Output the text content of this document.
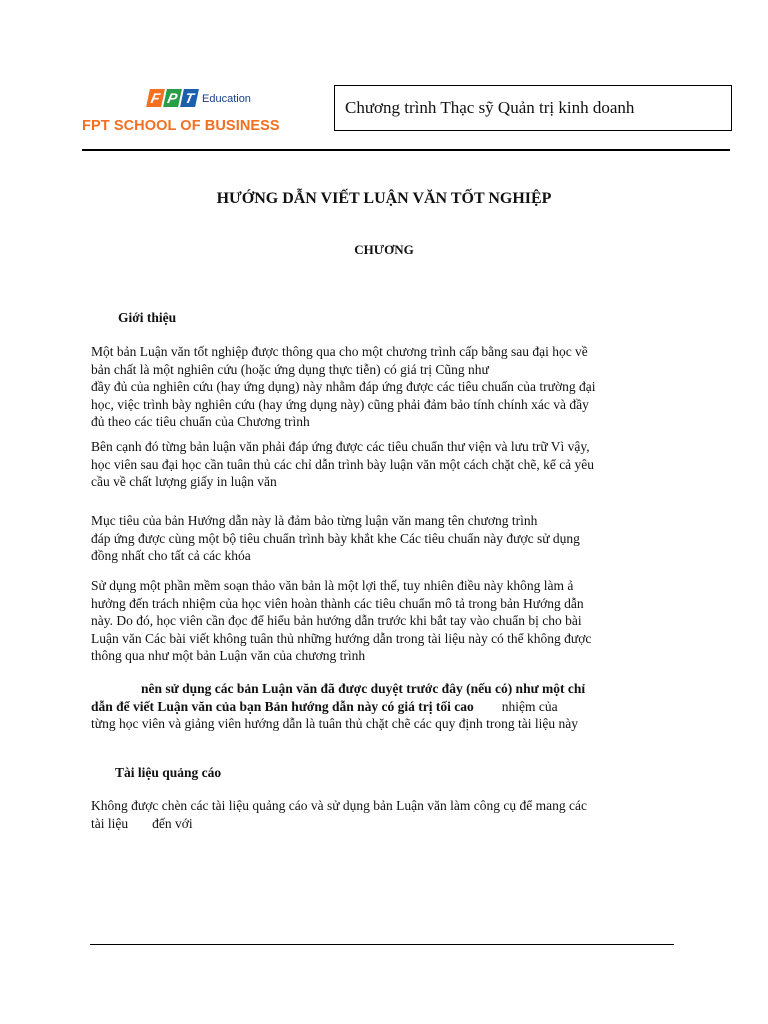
F P T Education
FPT SCHOOL OF BUSINESS
Chương trình Thạc sỹ Quản trị kinh doanh
HƯỚNG DẪN VIẾT LUẬN VĂN TỐT NGHIỆP
CHƯƠNG
Giới thiệu

Một bản Luận văn tốt nghiệp được thông qua cho một chương trình cấp bằng sau đại học về

bản chất là một nghiên cứu (hoặc ứng dụng thực tiễn) có giá trị Cũng như

đầy đủ của nghiên cứu (hay ứng dụng) này nhằm đáp ứng được các tiêu chuẩn của trường đại

học, việc trình bày nghiên cứu (hay ứng dụng này) cũng phải đảm bảo tính chính xác và đầy

đủ theo các tiêu chuẩn của Chương trình

Bên cạnh đó từng bản luận văn phải đáp ứng được các tiêu chuẩn thư viện và lưu trữ Vì vậy,

học viên sau đại học cần tuân thủ các chỉ dẫn trình bày luận văn một cách chặt chẽ, kể cả yêu

cầu về chất lượng giấy in luận văn

Mục tiêu của bản Hướng dẫn này là đảm bảo từng luận văn mang tên chương trình

đáp ứng được cùng một bộ tiêu chuẩn trình bày khắt khe Các tiêu chuẩn này được sử dụng

đồng nhất cho tất cả các khóa

Sử dụng một phần mềm soạn thảo văn bản là một lợi thế, tuy nhiên điều này không làm ả

hưởng đến trách nhiệm của học viên hoàn thành các tiêu chuẩn mô tả trong bản Hướng dẫn

này. Do đó, học viên cần đọc để hiểu bản hướng dẫn trước khi bắt tay vào chuẩn bị cho bài

Luận văn Các bài viết không tuân thủ những hướng dẫn trong tài liệu này có thể không được

thông qua như một bản Luận văn của chương trình

nên sử dụng các bản Luận văn đã được duyệt trước đây (nếu có) như một chỉ

dẫn để viết Luận văn của bạn Bản hướng dẫn này có giá trị tối cao nhiệm của

từng học viên và giảng viên hướng dẫn là tuân thủ chặt chẽ các quy định trong tài liệu này

Tài liệu quảng cáo

Không được chèn các tài liệu quảng cáo và sử dụng bản Luận văn làm công cụ để mang các

tài liệu đến với
